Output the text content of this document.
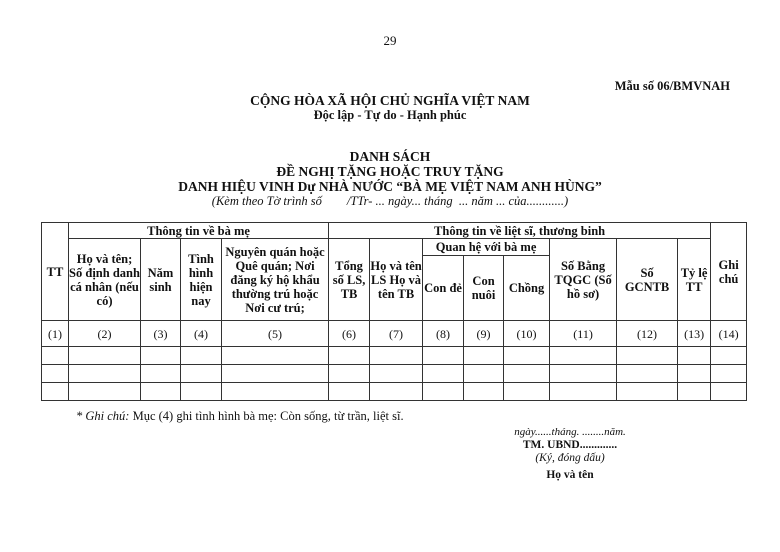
29
Mẫu số 06/BMVNAH
CỘNG HÒA XÃ HỘI CHỦ NGHĨA VIỆT NAM
Độc lập - Tự do - Hạnh phúc
DANH SÁCH
ĐỀ NGHỊ TẶNG HOẶC TRUY TẶNG
DANH HIỆU VINH Dự NHÀ NƯỚC “BÀ MẸ VIỆT NAM ANH HÙNG”
(Kèm theo Tờ trình số        /TTr- ... ngày... tháng  ... năm ... của............)
TT	Thông tin về bà mẹ				Thông tin về liệt sĩ, thương binh								Ghi chú
	Họ và tên; Số định danh cá nhân (nếu có)	Năm sinh	Tình hình hiện nay	Nguyên quán hoặc Quê quán; Nơi đăng ký hộ khẩu thường trú hoặc Nơi cư trú;	Tổng số LS, TB	Họ và tên LS Họ và tên TB	Quan hệ với bà mẹ			Số Bằng TQGC (Số hồ sơ)	Số GCNTB	Tỷ lệ TT	
							Con đẻ	Con nuôi	Chồng				
(1)	(2)	(3)	(4)	(5)	(6)	(7)	(8)	(9)	(10)	(11)	(12)	(13)	(14)

* Ghi chú: Mục (4) ghi tình hình bà mẹ: Còn sống, từ trần, liệt sĩ.
ngày......tháng. ........năm.
TM. UBND.............
(Ký, đóng dấu)
Họ và tên
